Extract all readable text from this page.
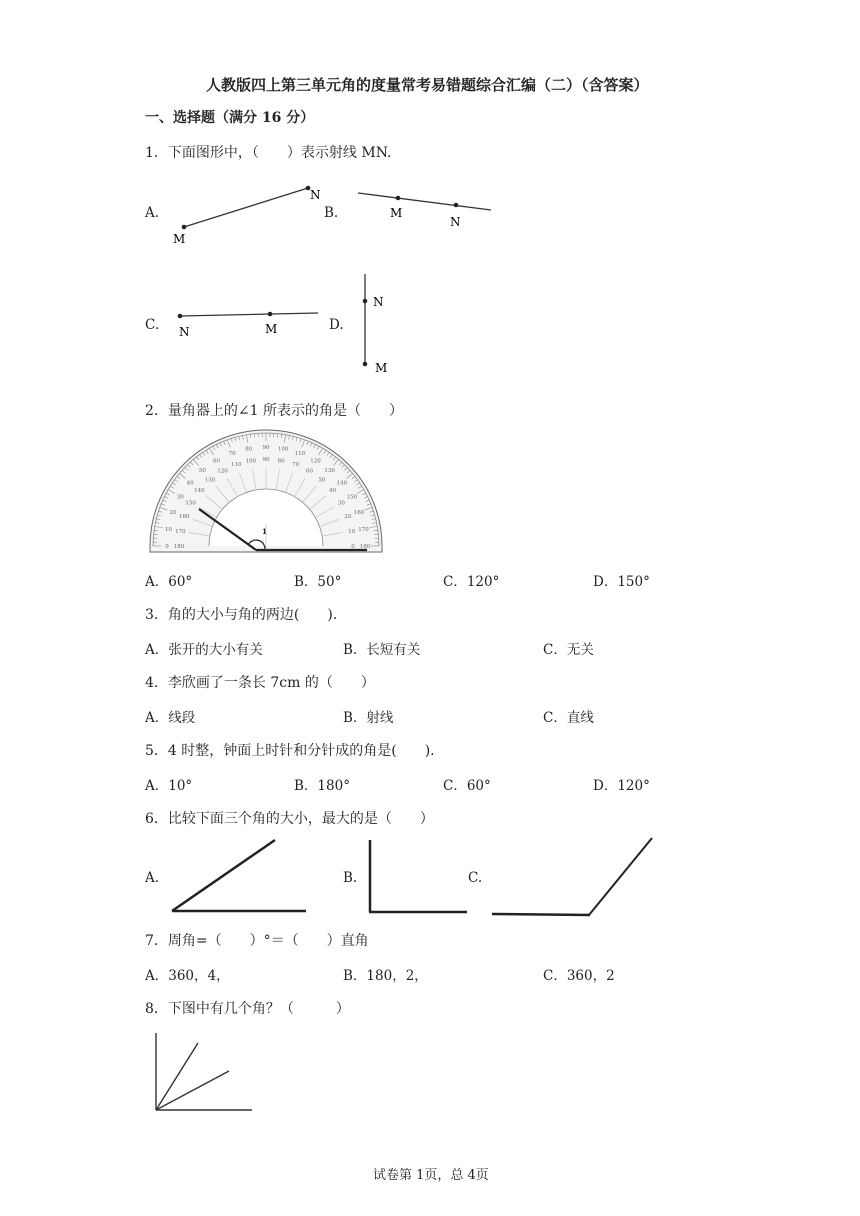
人教版四上第三单元角的度量常考易错题综合汇编（二）（含答案）
一、选择题（满分 16 分）
1．下面图形中，（　　）表示射线 MN.
A.	B.
C.	D.
M
N
M
N
N	M
N
M
2．量角器上的∠1 所表示的角是（　　）
0 180
10 170
20
160
30
150
40
140
50
130
60
120
70
110
80
100
90
90
100
80
110
70
120
60 130
50
140
40
150
30
160
20
170
10
180
0
1
A．60°	B．50°	C．120°	D．150°
3．角的大小与角的两边(　　).
A．张开的大小有关	B．长短有关	C．无关
4．李欣画了一条长 7cm 的（　　）
A．线段	B．射线	C．直线
5．4 时整，钟面上时针和分针成的角是(　　).
A．10°	B．180°	C．60°	D．120°
6．比较下面三个角的大小，最大的是（　　）
A.	B.	C.
7．周角=（　　）°＝（　　）直角
A．360，4，	B．180，2，	C．360，2
8．下图中有几个角？（　　　）
试卷第 1页，总 4页
